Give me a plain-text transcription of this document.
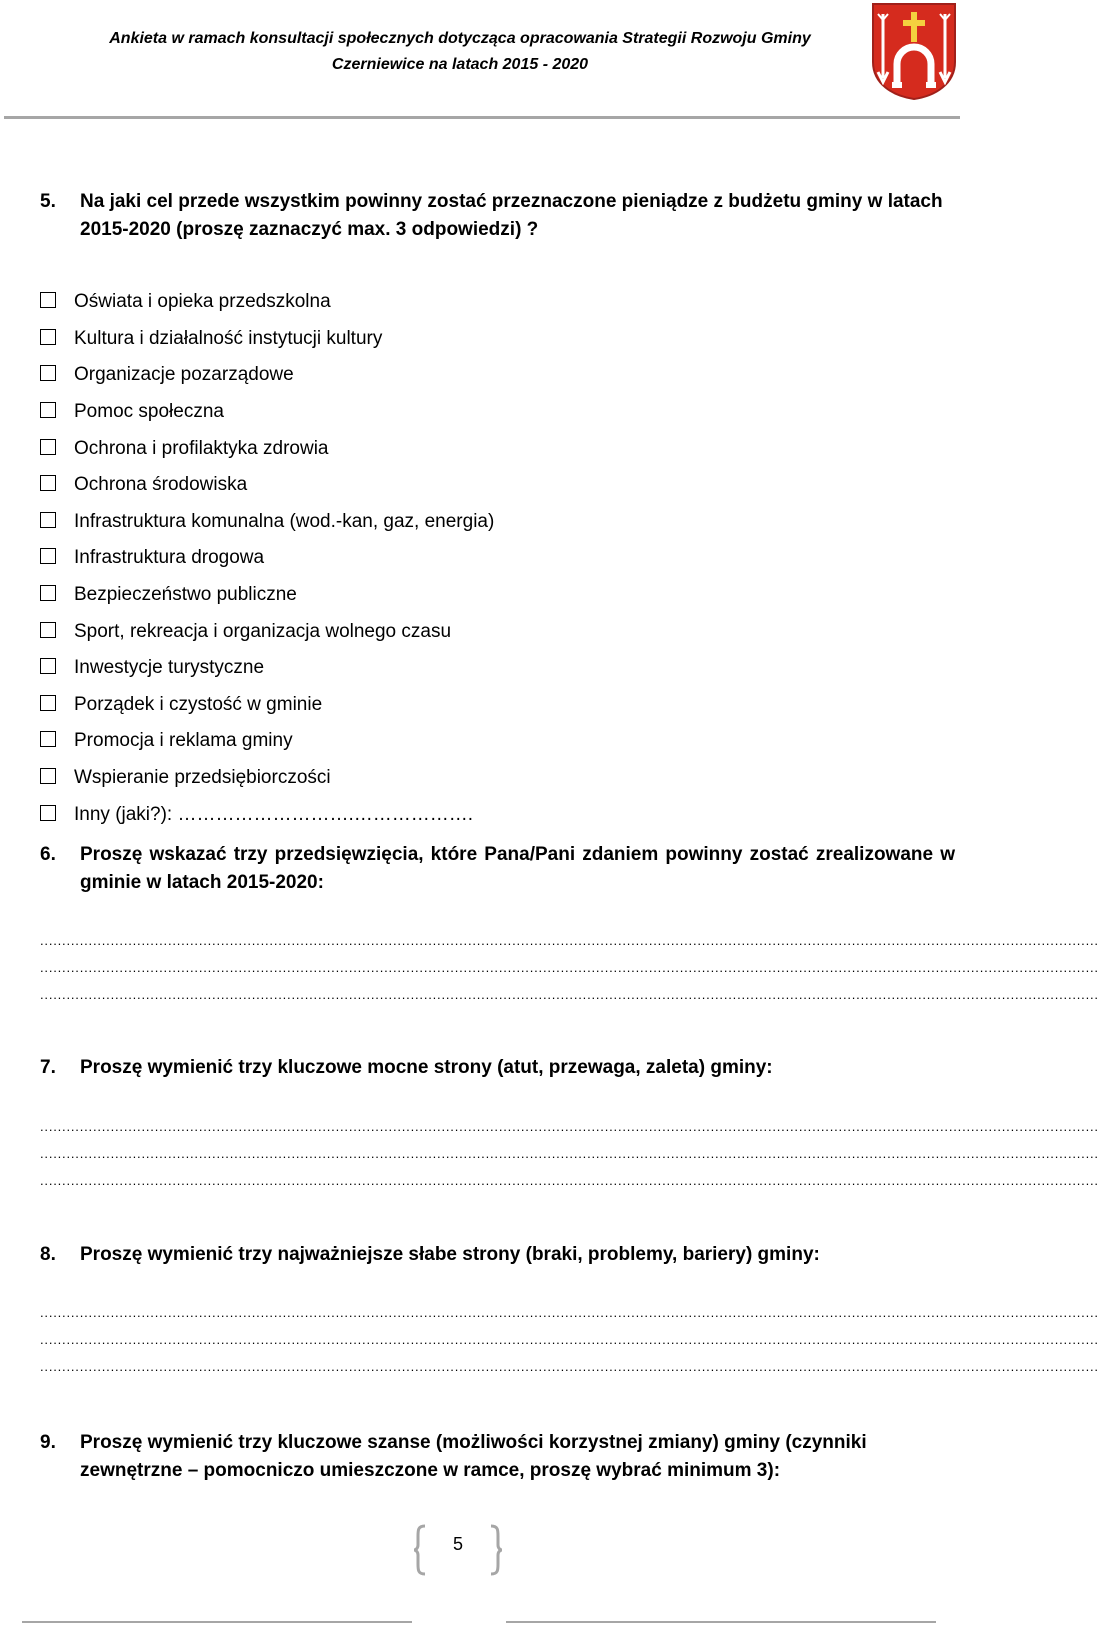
Ankieta w ramach konsultacji społecznych dotycząca opracowania Strategii Rozwoju Gminy
Czerniewice na latach 2015 - 2020
5. Na jaki cel przede wszystkim powinny zostać przeznaczone pieniądze z budżetu gminy w latach 2015-2020 (proszę zaznaczyć max. 3 odpowiedzi) ?
Oświata i opieka przedszkolna
Kultura i działalność instytucji kultury
Organizacje pozarządowe
Pomoc społeczna
Ochrona i profilaktyka zdrowia
Ochrona środowiska
Infrastruktura komunalna (wod.-kan, gaz, energia)
Infrastruktura drogowa
Bezpieczeństwo publiczne
Sport, rekreacja i organizacja wolnego czasu
Inwestycje turystyczne
Porządek i czystość w gminie
Promocja i reklama gminy
Wspieranie przedsiębiorczości
Inny (jaki?): ……………………….……………….
6. Proszę wskazać trzy przedsięwzięcia, które Pana/Pani zdaniem powinny zostać zrealizowane w gminie w latach 2015-2020:
................................................................................................................................................................................................................................................
................................................................................................................................................................................................................................................
................................................................................................................................................................................................................................................
7. Proszę wymienić trzy kluczowe mocne strony (atut, przewaga, zaleta) gminy:
................................................................................................................................................................................................................................................
................................................................................................................................................................................................................................................
................................................................................................................................................................................................................................................
8. Proszę wymienić trzy najważniejsze słabe strony (braki, problemy, bariery) gminy:
................................................................................................................................................................................................................................................
................................................................................................................................................................................................................................................
................................................................................................................................................................................................................................................
9. Proszę wymienić trzy kluczowe szanse (możliwości korzystnej zmiany) gminy (czynniki zewnętrzne – pomocniczo umieszczone w ramce, proszę wybrać minimum 3):
5
